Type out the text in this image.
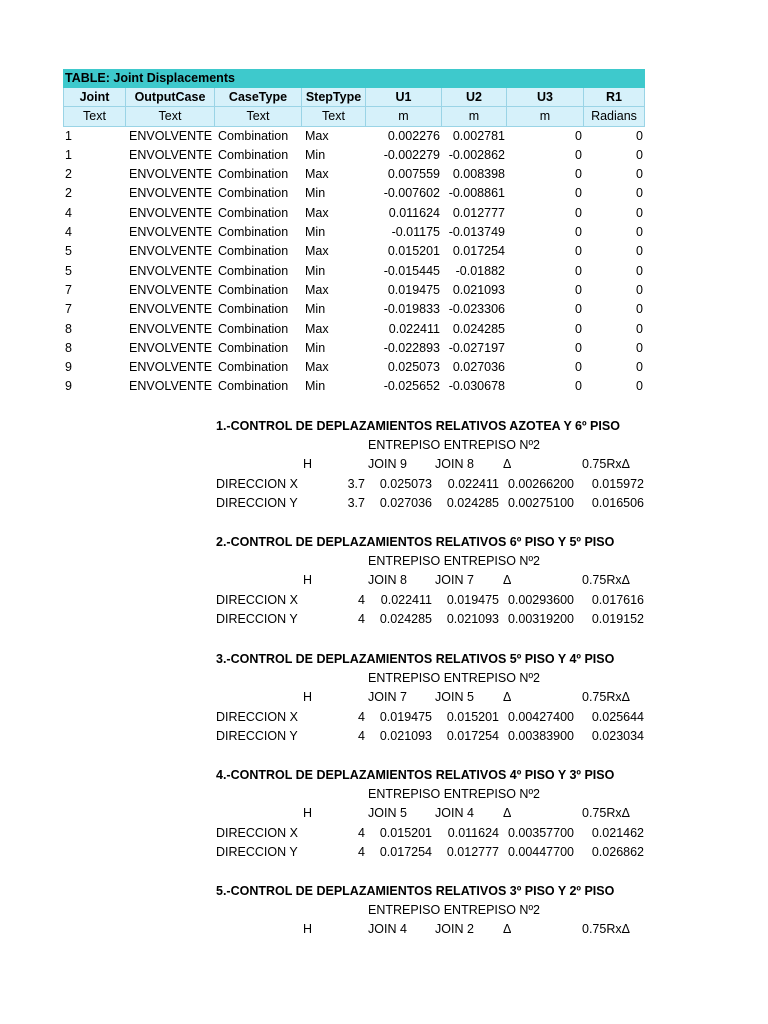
TABLE: Joint Displacements
Joint	OutputCase	CaseType	StepType	U1	U2	U3	R1
Text	Text	Text	Text	m	m	m	Radians
1	ENVOLVENTE Combination	Max	0.002276	0.002781	0	0
1	ENVOLVENTE Combination	Min	-0.002279 -0.002862	0	0
2	ENVOLVENTE Combination	Max	0.007559	0.008398	0	0
2	ENVOLVENTE Combination	Min	-0.007602 -0.008861	0	0
4	ENVOLVENTE Combination	Max	0.011624	0.012777	0	0
4	ENVOLVENTE Combination	Min	-0.01175 -0.013749	0	0
5	ENVOLVENTE Combination	Max	0.015201	0.017254	0	0
5	ENVOLVENTE Combination	Min	-0.015445	-0.01882	0	0
7	ENVOLVENTE Combination	Max	0.019475	0.021093	0	0
7	ENVOLVENTE Combination	Min	-0.019833 -0.023306	0	0
8	ENVOLVENTE Combination	Max	0.022411	0.024285	0	0
8	ENVOLVENTE Combination	Min	-0.022893 -0.027197	0	0
9	ENVOLVENTE Combination	Max	0.025073	0.027036	0	0
9	ENVOLVENTE Combination	Min	-0.025652 -0.030678	0	0
1.-CONTROL DE DEPLAZAMIENTOS RELATIVOS AZOTEA Y 6º PISO
ENTREPISO ENTREPISO Nº2
H	JOIN 9 JOIN 8 Δ	0.75RxΔ
DIRECCION X	3.7 0.025073 0.022411 0.00266200 0.015972
DIRECCION Y	3.7 0.027036 0.024285 0.00275100 0.016506
2.-CONTROL DE DEPLAZAMIENTOS RELATIVOS 6º PISO Y 5º PISO
ENTREPISO ENTREPISO Nº2
H	JOIN 8 JOIN 7 Δ	0.75RxΔ
DIRECCION X	4 0.022411 0.019475 0.00293600 0.017616
DIRECCION Y	4 0.024285 0.021093 0.00319200 0.019152
3.-CONTROL DE DEPLAZAMIENTOS RELATIVOS 5º PISO Y 4º PISO
ENTREPISO ENTREPISO Nº2
H	JOIN 7 JOIN 5 Δ	0.75RxΔ
DIRECCION X	4 0.019475 0.015201 0.00427400 0.025644
DIRECCION Y	4 0.021093 0.017254 0.00383900 0.023034
4.-CONTROL DE DEPLAZAMIENTOS RELATIVOS 4º PISO Y 3º PISO
ENTREPISO ENTREPISO Nº2
H	JOIN 5 JOIN 4 Δ	0.75RxΔ
DIRECCION X	4 0.015201 0.011624 0.00357700 0.021462
DIRECCION Y	4 0.017254 0.012777 0.00447700 0.026862
5.-CONTROL DE DEPLAZAMIENTOS RELATIVOS 3º PISO Y 2º PISO
ENTREPISO ENTREPISO Nº2
H	JOIN 4 JOIN 2 Δ	0.75RxΔ
